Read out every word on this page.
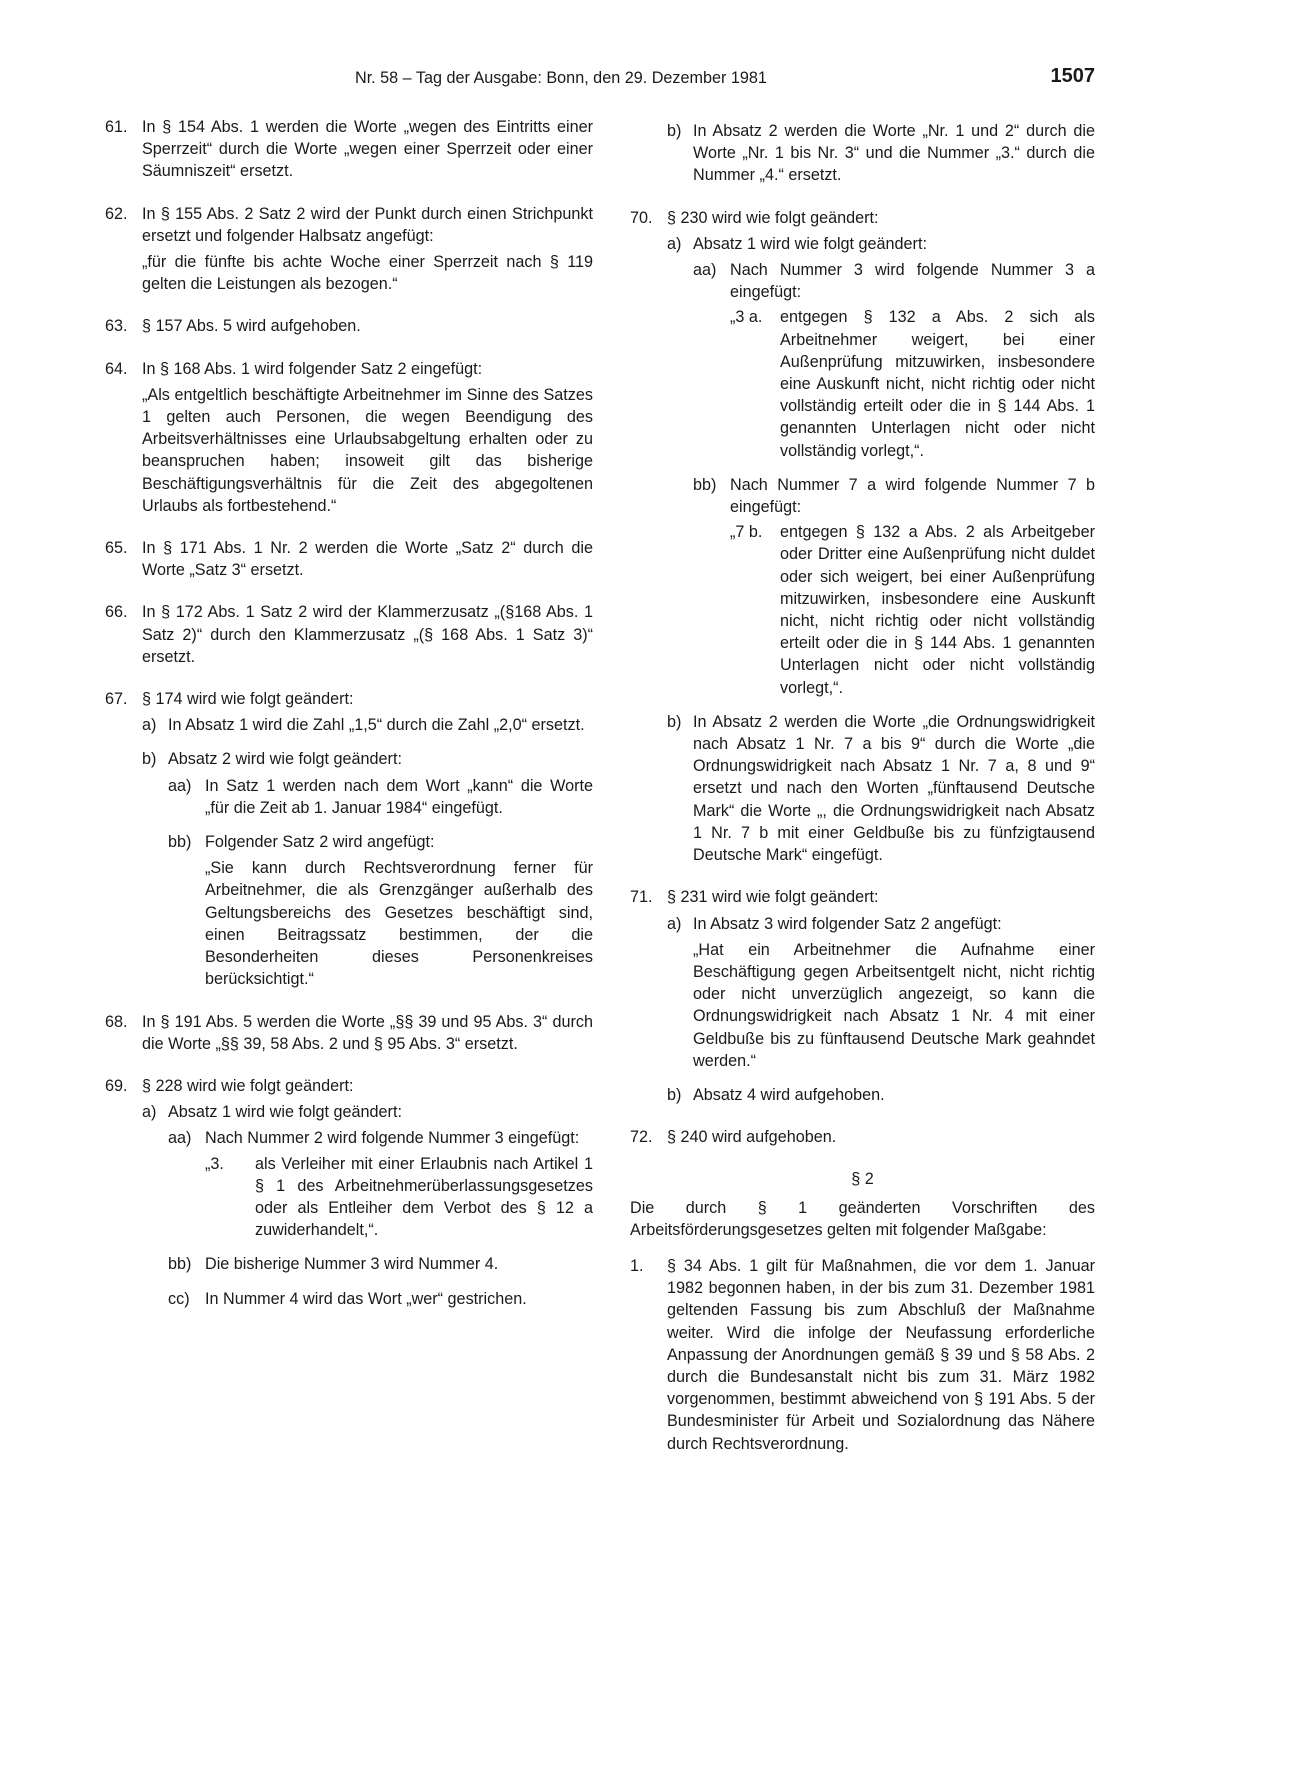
Nr. 58 – Tag der Ausgabe: Bonn, den 29. Dezember 1981	1507
61. In § 154 Abs. 1 werden die Worte „wegen des Eintritts einer Sperrzeit“ durch die Worte „wegen einer Sperrzeit oder einer Säumniszeit“ ersetzt.
62. In § 155 Abs. 2 Satz 2 wird der Punkt durch einen Strichpunkt ersetzt und folgender Halbsatz angefügt:
„für die fünfte bis achte Woche einer Sperrzeit nach § 119 gelten die Leistungen als bezogen.“
63. § 157 Abs. 5 wird aufgehoben.
64. In § 168 Abs. 1 wird folgender Satz 2 eingefügt:
„Als entgeltlich beschäftigte Arbeitnehmer im Sinne des Satzes 1 gelten auch Personen, die wegen Beendigung des Arbeitsverhältnisses eine Urlaubsabgeltung erhalten oder zu beanspruchen haben; insoweit gilt das bisherige Beschäftigungsverhältnis für die Zeit des abgegoltenen Urlaubs als fortbestehend.“
65. In § 171 Abs. 1 Nr. 2 werden die Worte „Satz 2“ durch die Worte „Satz 3“ ersetzt.
66. In § 172 Abs. 1 Satz 2 wird der Klammerzusatz „(§168 Abs. 1 Satz 2)“ durch den Klammerzusatz „(§ 168 Abs. 1 Satz 3)“ ersetzt.
67. § 174 wird wie folgt geändert:
a) In Absatz 1 wird die Zahl „1,5“ durch die Zahl „2,0“ ersetzt.
b) Absatz 2 wird wie folgt geändert:
aa) In Satz 1 werden nach dem Wort „kann“ die Worte „für die Zeit ab 1. Januar 1984“ eingefügt.
bb) Folgender Satz 2 wird angefügt:
„Sie kann durch Rechtsverordnung ferner für Arbeitnehmer, die als Grenzgänger außerhalb des Geltungsbereichs des Gesetzes beschäftigt sind, einen Beitragssatz bestimmen, der die Besonderheiten dieses Personenkreises berücksichtigt.“
68. In § 191 Abs. 5 werden die Worte „§§ 39 und 95 Abs. 3“ durch die Worte „§§ 39, 58 Abs. 2 und § 95 Abs. 3“ ersetzt.
69. § 228 wird wie folgt geändert:
a) Absatz 1 wird wie folgt geändert:
aa) Nach Nummer 2 wird folgende Nummer 3 eingefügt:
„3. als Verleiher mit einer Erlaubnis nach Artikel 1 § 1 des Arbeitnehmerüberlassungsgesetzes oder als Entleiher dem Verbot des § 12 a zuwiderhandelt,“.
bb) Die bisherige Nummer 3 wird Nummer 4.
cc) In Nummer 4 wird das Wort „wer“ gestrichen.
b) In Absatz 2 werden die Worte „Nr. 1 und 2“ durch die Worte „Nr. 1 bis Nr. 3“ und die Nummer „3.“ durch die Nummer „4.“ ersetzt.
70. § 230 wird wie folgt geändert:
a) Absatz 1 wird wie folgt geändert:
aa) Nach Nummer 3 wird folgende Nummer 3 a eingefügt:
„3 a. entgegen § 132 a Abs. 2 sich als Arbeitnehmer weigert, bei einer Außenprüfung mitzuwirken, insbesondere eine Auskunft nicht, nicht richtig oder nicht vollständig erteilt oder die in § 144 Abs. 1 genannten Unterlagen nicht oder nicht vollständig vorlegt,“.
bb) Nach Nummer 7 a wird folgende Nummer 7 b eingefügt:
„7 b. entgegen § 132 a Abs. 2 als Arbeitgeber oder Dritter eine Außenprüfung nicht duldet oder sich weigert, bei einer Außenprüfung mitzuwirken, insbesondere eine Auskunft nicht, nicht richtig oder nicht vollständig erteilt oder die in § 144 Abs. 1 genannten Unterlagen nicht oder nicht vollständig vorlegt,“.
b) In Absatz 2 werden die Worte „die Ordnungswidrigkeit nach Absatz 1 Nr. 7 a bis 9“ durch die Worte „die Ordnungswidrigkeit nach Absatz 1 Nr. 7 a, 8 und 9“ ersetzt und nach den Worten „fünftausend Deutsche Mark“ die Worte „, die Ordnungswidrigkeit nach Absatz 1 Nr. 7 b mit einer Geldbuße bis zu fünfzigtausend Deutsche Mark“ eingefügt.
71. § 231 wird wie folgt geändert:
a) In Absatz 3 wird folgender Satz 2 angefügt:
„Hat ein Arbeitnehmer die Aufnahme einer Beschäftigung gegen Arbeitsentgelt nicht, nicht richtig oder nicht unverzüglich angezeigt, so kann die Ordnungswidrigkeit nach Absatz 1 Nr. 4 mit einer Geldbuße bis zu fünftausend Deutsche Mark geahndet werden.“
b) Absatz 4 wird aufgehoben.
72. § 240 wird aufgehoben.
§ 2
Die durch § 1 geänderten Vorschriften des Arbeitsförderungsgesetzes gelten mit folgender Maßgabe:
1. § 34 Abs. 1 gilt für Maßnahmen, die vor dem 1. Januar 1982 begonnen haben, in der bis zum 31. Dezember 1981 geltenden Fassung bis zum Abschluß der Maßnahme weiter. Wird die infolge der Neufassung erforderliche Anpassung der Anordnungen gemäß § 39 und § 58 Abs. 2 durch die Bundesanstalt nicht bis zum 31. März 1982 vorgenommen, bestimmt abweichend von § 191 Abs. 5 der Bundesminister für Arbeit und Sozialordnung das Nähere durch Rechtsverordnung.
